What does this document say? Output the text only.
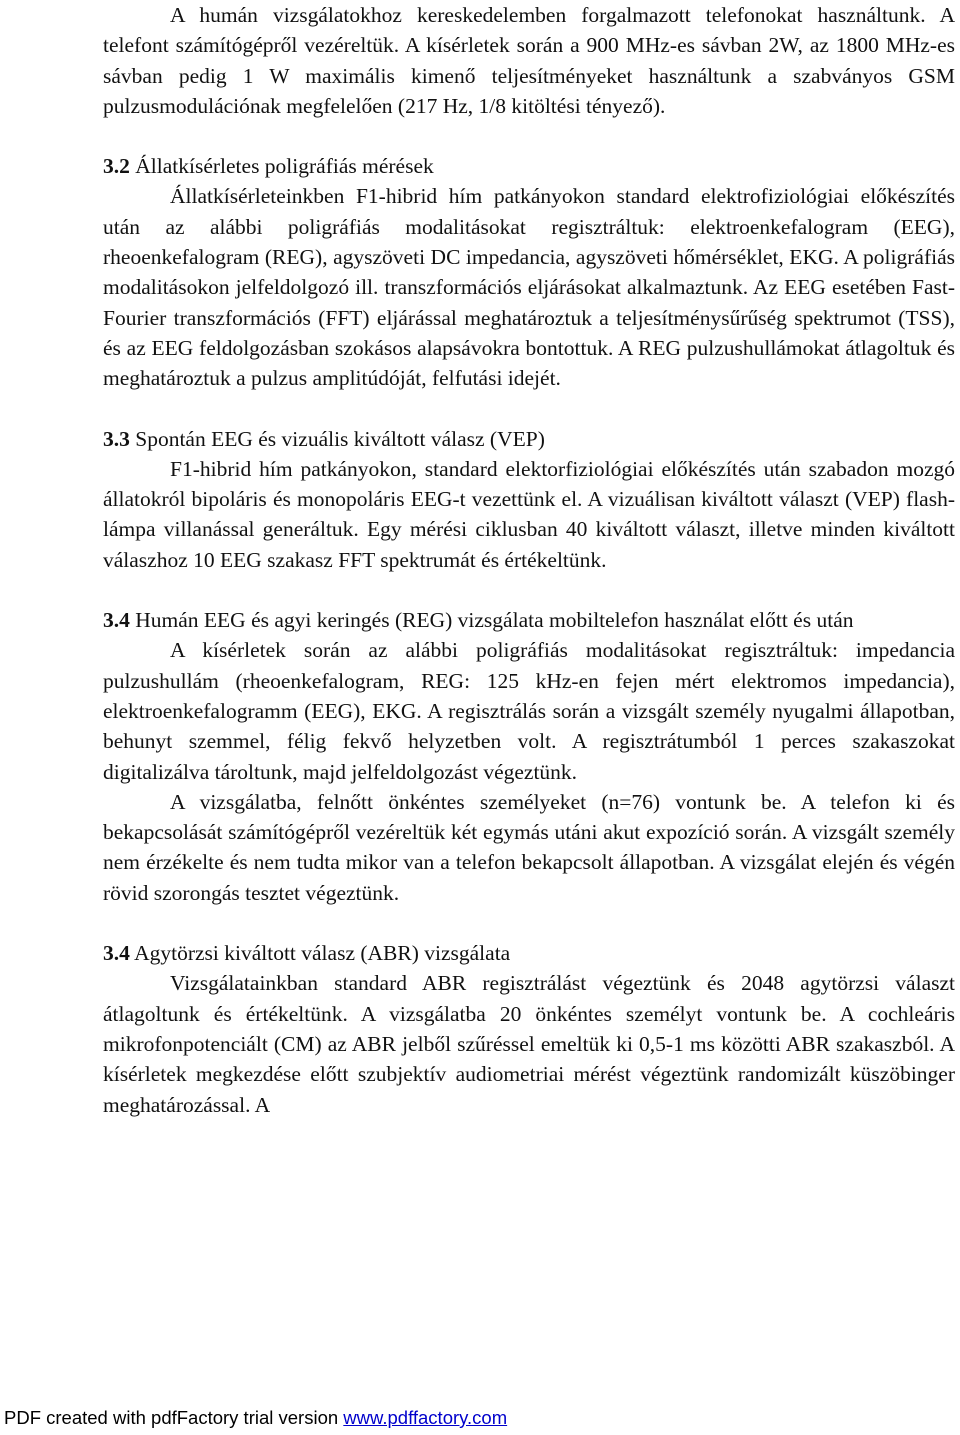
A humán vizsgálatokhoz kereskedelemben forgalmazott telefonokat használtunk. A telefont számítógépről vezéreltük. A kísérletek során a 900 MHz-es sávban 2W, az 1800 MHz-es sávban pedig 1 W maximális kimenő teljesítményeket használtunk a szabványos GSM pulzusmodulációnak megfelelően (217 Hz, 1/8 kitöltési tényező).

3.2 Állatkísérletes poligráfiás mérések

Állatkísérleteinkben F1-hibrid hím patkányokon standard elektrofiziológiai előkészítés után az alábbi poligráfiás modalitásokat regisztráltuk: elektroenkefalogram (EEG), rheoenkefalogram (REG), agyszöveti DC impedancia, agyszöveti hőmérséklet, EKG. A poligráfiás modalitásokon jelfeldolgozó ill. transzformációs eljárásokat alkalmaztunk. Az EEG esetében Fast-Fourier transzformációs (FFT) eljárással meghatároztuk a teljesítménysűrűség spektrumot (TSS), és az EEG feldolgozásban szokásos alapsávokra bontottuk. A REG pulzushullámokat átlagoltuk és meghatároztuk a pulzus amplitúdóját, felfutási idejét.

3.3 Spontán EEG és vizuális kiváltott válasz (VEP)

F1-hibrid hím patkányokon, standard elektorfiziológiai előkészítés után szabadon mozgó állatokról bipoláris és monopoláris EEG-t vezettünk el. A vizuálisan kiváltott választ (VEP) flash-lámpa villanással generáltuk. Egy mérési ciklusban 40 kiváltott választ, illetve minden kiváltott válaszhoz 10 EEG szakasz FFT spektrumát és értékeltünk.

3.4 Humán EEG és agyi keringés (REG) vizsgálata mobiltelefon használat előtt és után

A kísérletek során az alábbi poligráfiás modalitásokat regisztráltuk: impedancia pulzushullám (rheoenkefalogram, REG: 125 kHz-en fejen mért elektromos impedancia), elektroenkefalogramm (EEG), EKG. A regisztrálás során a vizsgált személy nyugalmi állapotban, behunyt szemmel, félig fekvő helyzetben volt. A regisztrátumból 1 perces szakaszokat digitalizálva tároltunk, majd jelfeldolgozást végeztünk.

A vizsgálatba, felnőtt önkéntes személyeket (n=76) vontunk be. A telefon ki és bekapcsolását számítógépről vezéreltük két egymás utáni akut expozíció során. A vizsgált személy nem érzékelte és nem tudta mikor van a telefon bekapcsolt állapotban. A vizsgálat elején és végén rövid szorongás tesztet végeztünk.

3.4 Agytörzsi kiváltott válasz (ABR) vizsgálata

Vizsgálatainkban standard ABR regisztrálást végeztünk és 2048 agytörzsi választ átlagoltunk és értékeltünk. A vizsgálatba 20 önkéntes személyt vontunk be. A cochleáris mikrofonpotenciált (CM) az ABR jelből szűréssel emeltük ki 0,5-1 ms közötti ABR szakaszból. A kísérletek megkezdése előtt szubjektív audiometriai mérést végeztünk randomizált küszöbinger meghatározással. A

PDF created with pdfFactory trial version www.pdffactory.com
